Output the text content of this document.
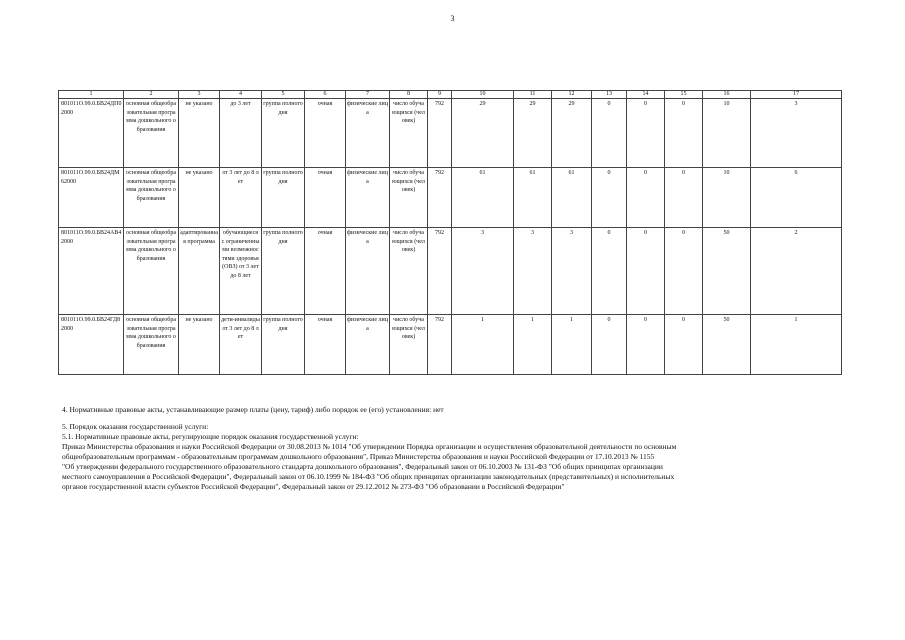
3
1	2	3	4	5	6	7	8	9	10	11	12	13	14	15	16	17
801011О.99.0.БВ24ДП02000	основная общеобразовательная программа дошкольного образования	не указано	до 3 лет	группа полного дня	очная	физические лица	число обучающихся (человек)	792	29	29	29	0	0	0	10	3
801011О.99.0.БВ24ДМ62000	основная общеобразовательная программа дошкольного образования	не указано	от 3 лет до 8 лет	группа полного дня	очная	физические лица	число обучающихся (человек)	792	61	61	61	0	0	0	10	6
801011О.99.0.БВ24АВ42000	основная общеобразовательная программа дошкольного образования	адаптированная программа	обучающиеся с ограниченными возможностями здоровья (ОВЗ) от 3 лет до 8 лет	группа полного дня	очная	физические лица	число обучающихся (человек)	792	3	3	3	0	0	0	50	2
801011О.99.0.БВ24ГД82000	основная общеобразовательная программа дошкольного образования	не указано	дети-инвалиды от 3 лет до 8 лет	группа полного дня	очная	физические лица	число обучающихся (человек)	792	1	1	1	0	0	0	50	1

4. Нормативные правовые акты, устанавливающие размер платы (цену, тариф) либо порядок ее (его) установления: нет

5. Порядок оказания государственной услуги:

5.1. Нормативные правовые акты, регулирующие порядок оказания государственной услуги:

Приказ Министерства образования и науки Российской Федерации от 30.08.2013 № 1014 "Об утверждении Порядка организации и осуществления образовательной деятельности по основным

общеобразовательным программам - образовательным программам дошкольного образования", Приказ Министерства образования и науки Российской Федерации от 17.10.2013 № 1155

"Об утверждении федерального государственного образовательного стандарта дошкольного образования", Федеральный закон от 06.10.2003 № 131-ФЗ "Об общих принципах организации

местного самоуправления в Российской Федерации", Федеральный закон от 06.10.1999 № 184-ФЗ "Об общих принципах организации законодательных (представительных) и исполнительных

органов государственной власти субъектов Российской Федерации", Федеральный закон от 29.12.2012 № 273-ФЗ "Об образовании в Российской Федерации"
